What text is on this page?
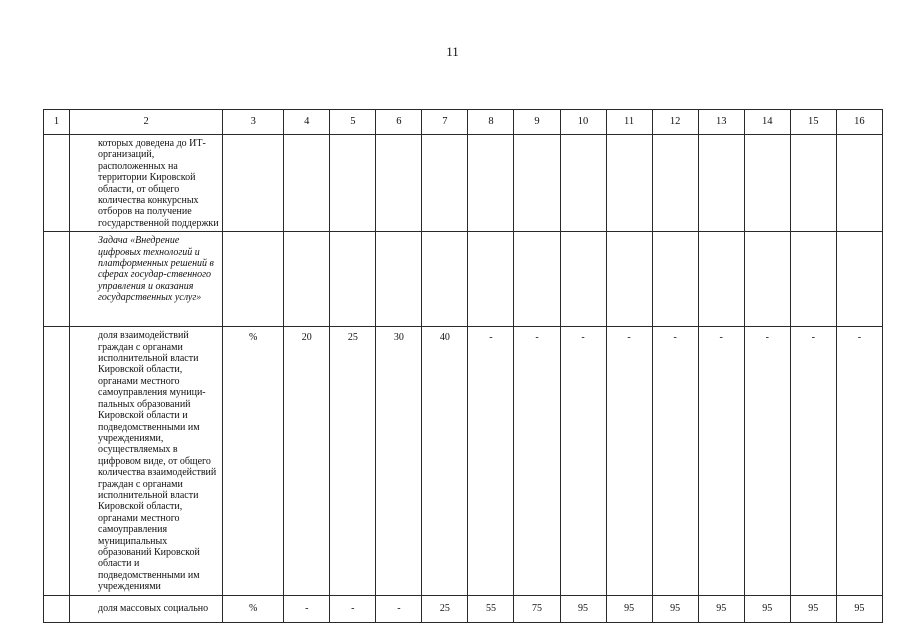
11
1	2	3	4	5	6	7	8	9	10	11	12	13	14	15	16
	которых доведена до ИТ-организаций, расположенных на территории Кировской области, от общего количества конкурсных отборов на получение государственной поддержки														
	Задача «Внедрение цифровых технологий и платформенных решений в сферах государ-ственного управления и оказания государственных услуг»														
	доля взаимодействий граждан с органами исполнительной власти Кировской области, органами местного самоуправления муници-пальных образований Кировской области и подведомственными им учреждениями, осуществляемых в цифровом виде, от общего количества взаимодействий граждан с органами исполнительной власти Кировской области, органами местного самоуправления муниципальных образований Кировской области и подведомственными им учреждениями	%	20	25	30	40	-	-	-	-	-	-	-	-	-
	доля массовых социально	%	-	-	-	25	55	75	95	95	95	95	95	95	95
